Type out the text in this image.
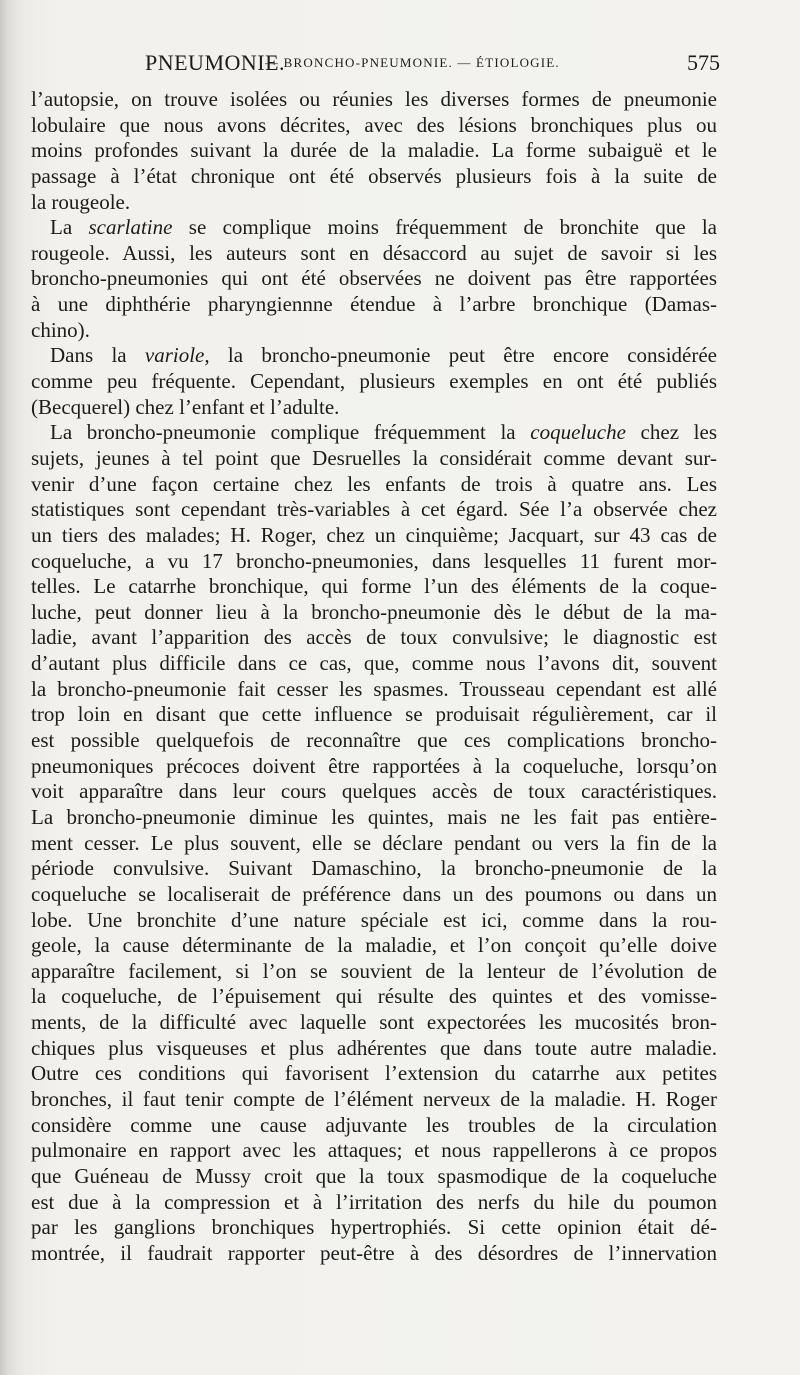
PNEUMONIE.
— BRONCHO-PNEUMONIE. — ÉTIOLOGIE.	575
l’autopsie, on trouve isolées ou réunies les diverses formes de pneumonie
lobulaire que nous avons décrites, avec des lésions bronchiques plus ou
moins profondes suivant la durée de la maladie. La forme subaiguë et le
passage à l’état chronique ont été observés plusieurs fois à la suite de
la rougeole.
La scarlatine se complique moins fréquemment de bronchite que la
rougeole. Aussi, les auteurs sont en désaccord au sujet de savoir si les
broncho-pneumonies qui ont été observées ne doivent pas être rapportées
à une diphthérie pharyngiennne étendue à l’arbre bronchique (Damas-
chino).
Dans la variole, la broncho-pneumonie peut être encore considérée
comme peu fréquente. Cependant, plusieurs exemples en ont été publiés
(Becquerel) chez l’enfant et l’adulte.
La broncho-pneumonie complique fréquemment la coqueluche chez les
sujets, jeunes à tel point que Desruelles la considérait comme devant sur-
venir d’une façon certaine chez les enfants de trois à quatre ans. Les
statistiques sont cependant très-variables à cet égard. Sée l’a observée chez
un tiers des malades; H. Roger, chez un cinquième; Jacquart, sur 43 cas de
coqueluche, a vu 17 broncho-pneumonies, dans lesquelles 11 furent mor-
telles. Le catarrhe bronchique, qui forme l’un des éléments de la coque-
luche, peut donner lieu à la broncho-pneumonie dès le début de la ma-
ladie, avant l’apparition des accès de toux convulsive; le diagnostic est
d’autant plus difficile dans ce cas, que, comme nous l’avons dit, souvent
la broncho-pneumonie fait cesser les spasmes. Trousseau cependant est allé
trop loin en disant que cette influence se produisait régulièrement, car il
est possible quelquefois de reconnaître que ces complications broncho-
pneumoniques précoces doivent être rapportées à la coqueluche, lorsqu’on
voit apparaître dans leur cours quelques accès de toux caractéristiques.
La broncho-pneumonie diminue les quintes, mais ne les fait pas entière-
ment cesser. Le plus souvent, elle se déclare pendant ou vers la fin de la
période convulsive. Suivant Damaschino, la broncho-pneumonie de la
coqueluche se localiserait de préférence dans un des poumons ou dans un
lobe. Une bronchite d’une nature spéciale est ici, comme dans la rou-
geole, la cause déterminante de la maladie, et l’on conçoit qu’elle doive
apparaître facilement, si l’on se souvient de la lenteur de l’évolution de
la coqueluche, de l’épuisement qui résulte des quintes et des vomisse-
ments, de la difficulté avec laquelle sont expectorées les mucosités bron-
chiques plus visqueuses et plus adhérentes que dans toute autre maladie.
Outre ces conditions qui favorisent l’extension du catarrhe aux petites
bronches, il faut tenir compte de l’élément nerveux de la maladie. H. Roger
considère comme une cause adjuvante les troubles de la circulation
pulmonaire en rapport avec les attaques; et nous rappellerons à ce propos
que Guéneau de Mussy croit que la toux spasmodique de la coqueluche
est due à la compression et à l’irritation des nerfs du hile du poumon
par les ganglions bronchiques hypertrophiés. Si cette opinion était dé-
montrée, il faudrait rapporter peut-être à des désordres de l’innervation
